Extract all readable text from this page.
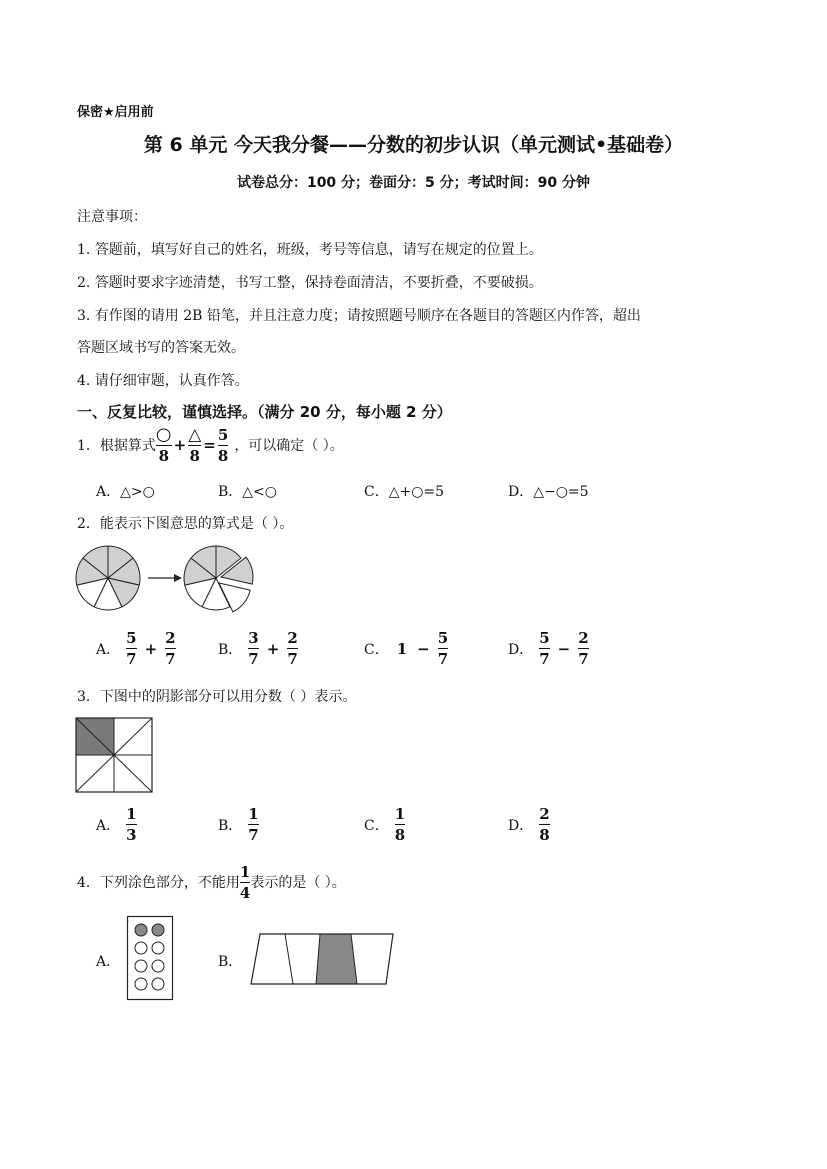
保密★启用前
第 6 单元 今天我分餐——分数的初步认识（单元测试•基础卷）
试卷总分：100 分；卷面分：5 分；考试时间：90 分钟
注意事项：
1. 答题前，填写好自己的姓名，班级，考号等信息，请写在规定的位置上。
2. 答题时要求字迹清楚，书写工整，保持卷面清洁，不要折叠，不要破损。
3. 有作图的请用 2B 铅笔，并且注意力度；请按照题号顺序在各题目的答题区内作答，超出
答题区域书写的答案无效。
4. 请仔细审题，认真作答。
一、反复比较，谨慎选择。（满分 20 分，每小题 2 分）
1．根据算式 $\frac{○}{8} + \frac{\triangle}{8} = \frac{5}{8}$ ，可以确定（ ）。
A．△>○	B．△<○	C．△+○=5	D．△−○=5
2．能表示下图意思的算式是（ ）。
A． $\frac{5}{7} + \frac{2}{7}$	B． $\frac{3}{7} + \frac{2}{7}$	C． $1 - \frac{5}{7}$	D． $\frac{5}{7} - \frac{2}{7}$
3．下图中的阴影部分可以用分数（ ）表示。
A． $\frac{1}{3}$	B． $\frac{1}{7}$	C． $\frac{1}{8}$	D． $\frac{2}{8}$
4．下列涂色部分，不能用 $\frac{1}{4}$ 表示的是（ ）。
A．	B．
